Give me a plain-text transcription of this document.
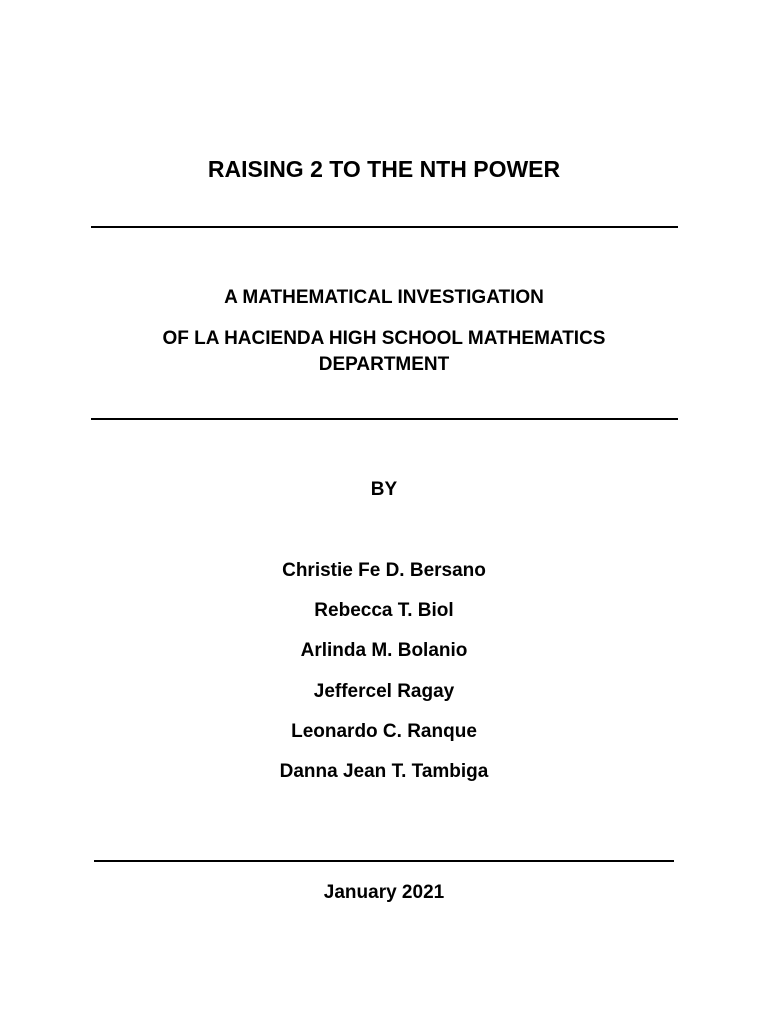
RAISING 2 TO THE NTH POWER
A MATHEMATICAL INVESTIGATION
OF LA HACIENDA HIGH SCHOOL MATHEMATICS
DEPARTMENT
BY
Christie Fe D. Bersano
Rebecca T. Biol
Arlinda M. Bolanio
Jeffercel Ragay
Leonardo C. Ranque
Danna Jean T. Tambiga
January 2021
